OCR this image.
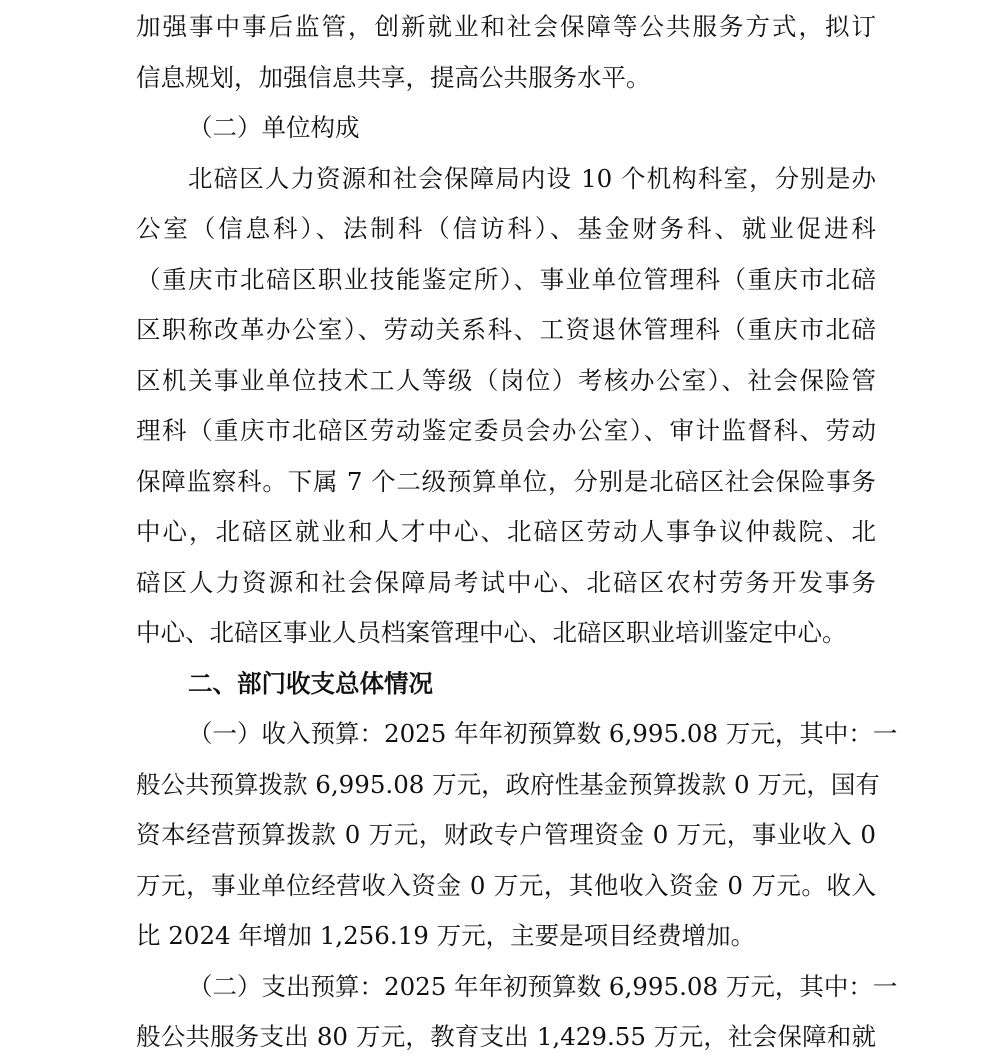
加强事中事后监管，创新就业和社会保障等公共服务方式，拟订
信息规划，加强信息共享，提高公共服务水平。
（二）单位构成
北碚区人力资源和社会保障局内设 10 个机构科室，分别是办
公室（信息科）、法制科（信访科）、基金财务科、就业促进科
（重庆市北碚区职业技能鉴定所）、事业单位管理科（重庆市北碚
区职称改革办公室）、劳动关系科、工资退休管理科（重庆市北碚
区机关事业单位技术工人等级（岗位）考核办公室）、社会保险管
理科（重庆市北碚区劳动鉴定委员会办公室）、审计监督科、劳动
保障监察科。下属 7 个二级预算单位，分别是北碚区社会保险事务
中心，北碚区就业和人才中心、北碚区劳动人事争议仲裁院、北
碚区人力资源和社会保障局考试中心、北碚区农村劳务开发事务
中心、北碚区事业人员档案管理中心、北碚区职业培训鉴定中心。
二、部门收支总体情况
（一）收入预算：2025 年年初预算数 6,995.08 万元，其中：一
般公共预算拨款 6,995.08 万元，政府性基金预算拨款 0 万元，国有
资本经营预算拨款 0 万元，财政专户管理资金 0 万元，事业收入 0
万元，事业单位经营收入资金 0 万元，其他收入资金 0 万元。收入
比 2024 年增加 1,256.19 万元，主要是项目经费增加。
（二）支出预算：2025 年年初预算数 6,995.08 万元，其中：一
般公共服务支出 80 万元，教育支出 1,429.55 万元，社会保障和就
